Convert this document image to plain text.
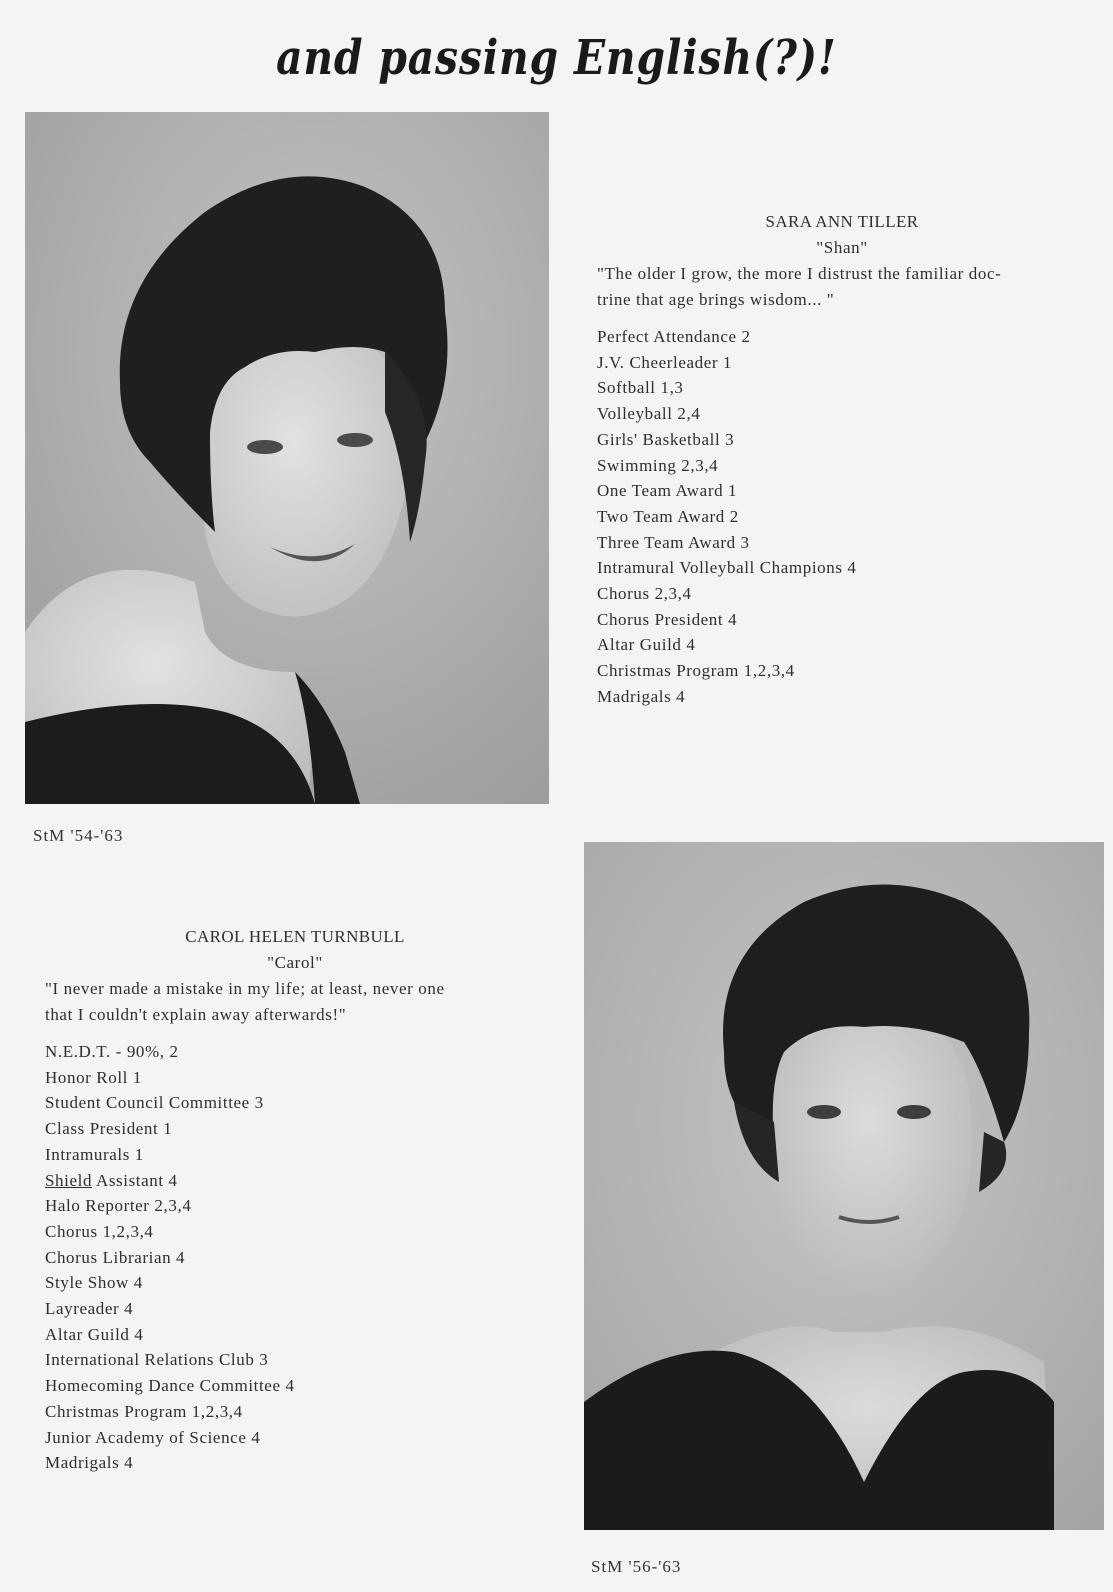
and passing English(?)!
SARA ANN TILLER
"Shan"
"The older I grow, the more I distrust the familiar doc-
trine that age brings wisdom... "
Perfect Attendance 2
J.V. Cheerleader 1
Softball 1,3
Volleyball 2,4
Girls' Basketball 3
Swimming 2,3,4
One Team Award 1
Two Team Award 2
Three Team Award 3
Intramural Volleyball Champions 4
Chorus 2,3,4
Chorus President 4
Altar Guild 4
Christmas Program 1,2,3,4
Madrigals 4
StM '54-'63
CAROL HELEN TURNBULL
"Carol"
"I never made a mistake in my life; at least, never one
that I couldn't explain away afterwards!"
N.E.D.T. - 90%, 2
Honor Roll 1
Student Council Committee 3
Class President 1
Intramurals 1
Shield Assistant 4
Halo Reporter 2,3,4
Chorus 1,2,3,4
Chorus Librarian 4
Style Show 4
Layreader 4
Altar Guild 4
International Relations Club 3
Homecoming Dance Committee 4
Christmas Program 1,2,3,4
Junior Academy of Science 4
Madrigals 4
StM '56-'63
